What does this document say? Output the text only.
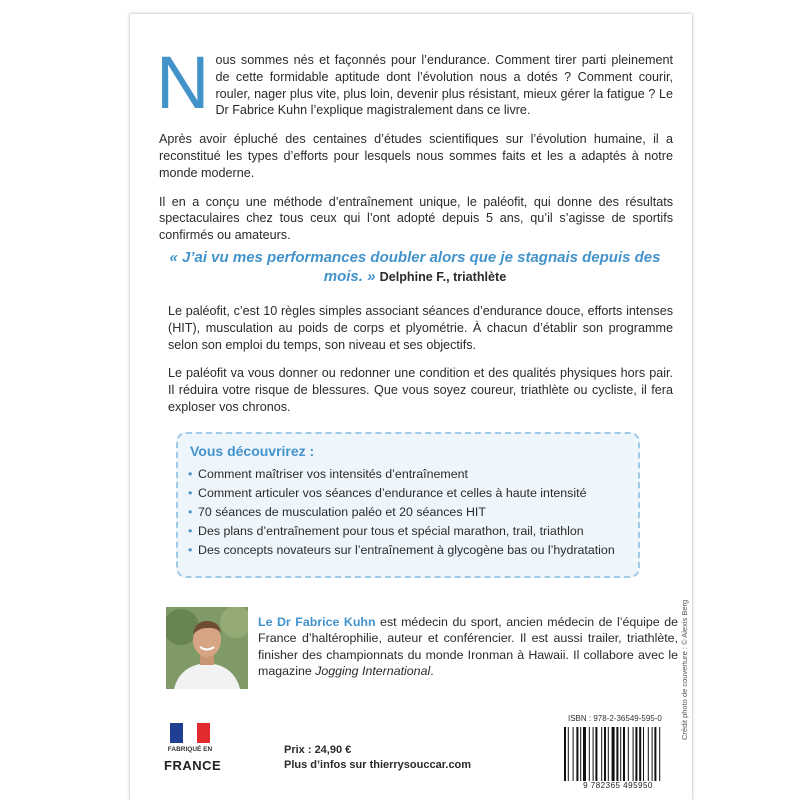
Nous sommes nés et façonnés pour l’endurance. Comment tirer parti pleinement de cette formidable aptitude dont l’évolution nous a dotés ? Comment courir, rouler, nager plus vite, plus loin, devenir plus résistant, mieux gérer la fatigue ? Le Dr Fabrice Kuhn l’explique magistralement dans ce livre.

Après avoir épluché des centaines d’études scientifiques sur l’évolution humaine, il a reconstitué les types d’efforts pour lesquels nous sommes faits et les a adaptés à notre monde moderne.

Il en a conçu une méthode d’entraînement unique, le paléofit, qui donne des résultats spectaculaires chez tous ceux qui l’ont adopté depuis 5 ans, qu’il s’agisse de sportifs confirmés ou amateurs.

« J’ai vu mes performances doubler alors que je stagnais depuis des mois. » Delphine F., triathlète

Le paléofit, c’est 10 règles simples associant séances d’endurance douce, efforts intenses (HIT), musculation au poids de corps et plyométrie. À chacun d’établir son programme selon son emploi du temps, son niveau et ses objectifs.

Le paléofit va vous donner ou redonner une condition et des qualités physiques hors pair. Il réduira votre risque de blessures. Que vous soyez coureur, triathlète ou cycliste, il fera exploser vos chronos.

Vous découvrirez :
• Comment maîtriser vos intensités d’entraînement
• Comment articuler vos séances d’endurance et celles à haute intensité
• 70 séances de musculation paléo et 20 séances HIT
• Des plans d’entraînement pour tous et spécial marathon, trail, triathlon
• Des concepts novateurs sur l’entraînement à glycogène bas ou l’hydratation
Le Dr Fabrice Kuhn est médecin du sport, ancien médecin de l’équipe de France d’haltérophilie, auteur et conférencier. Il est aussi trailer, triathlète, finisher des championnats du monde Ironman à Hawaii. Il collabore avec le magazine Jogging International.
FABRIQUÉ EN
FRANCE
Prix : 24,90 €
Plus d’infos sur thierrysouccar.com
ISBN : 978-2-36549-595-0
9 782365 495950
Crédit photo de couverture : © Alexis Berg
